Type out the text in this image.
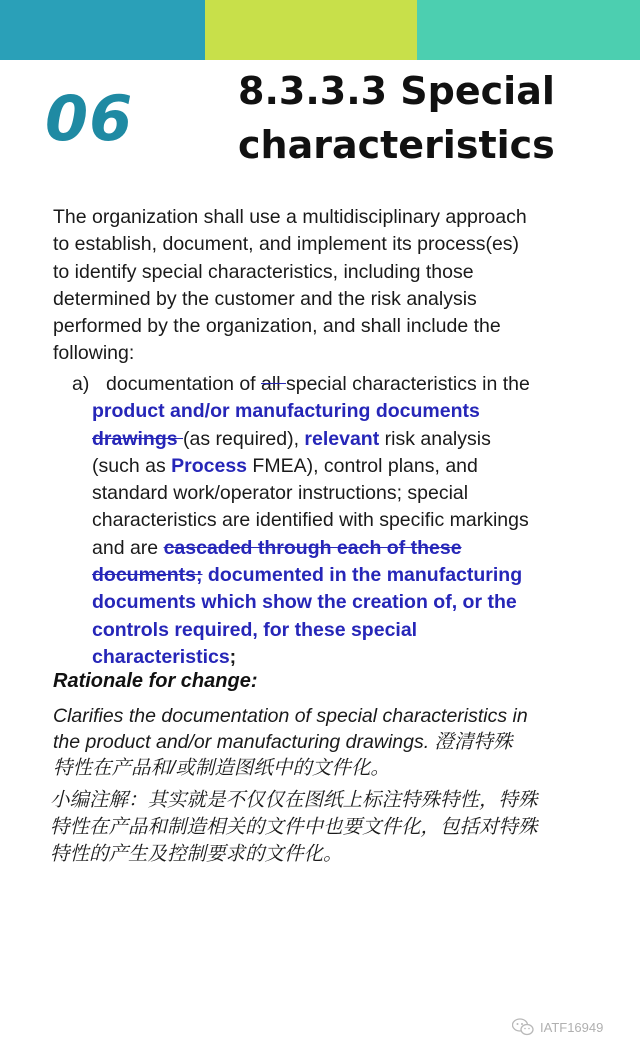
06	8.3.3.3 Special
characteristics
The organization shall use a multidisciplinary approach
to establish, document, and implement its process(es)
to identify special characteristics, including those
determined by the customer and the risk analysis
performed by the organization, and shall include the
following:
a) documentation of all special characteristics in the
product and/or manufacturing documents
drawings (as required), relevant risk analysis
(such as Process FMEA), control plans, and
standard work/operator instructions; special
characteristics are identified with specific markings
and are cascaded through each of these
documents; documented in the manufacturing
documents which show the creation of, or the
controls required, for these special
characteristics;
Rationale for change:
Clarifies the documentation of special characteristics in
the product and/or manufacturing drawings. 澄清特殊
特性在产品和/或制造图纸中的文件化。
小编注解：其实就是不仅仅在图纸上标注特殊特性，特殊
特性在产品和制造相关的文件中也要文件化，包括对特殊
特性的产生及控制要求的文件化。
IATF16949
